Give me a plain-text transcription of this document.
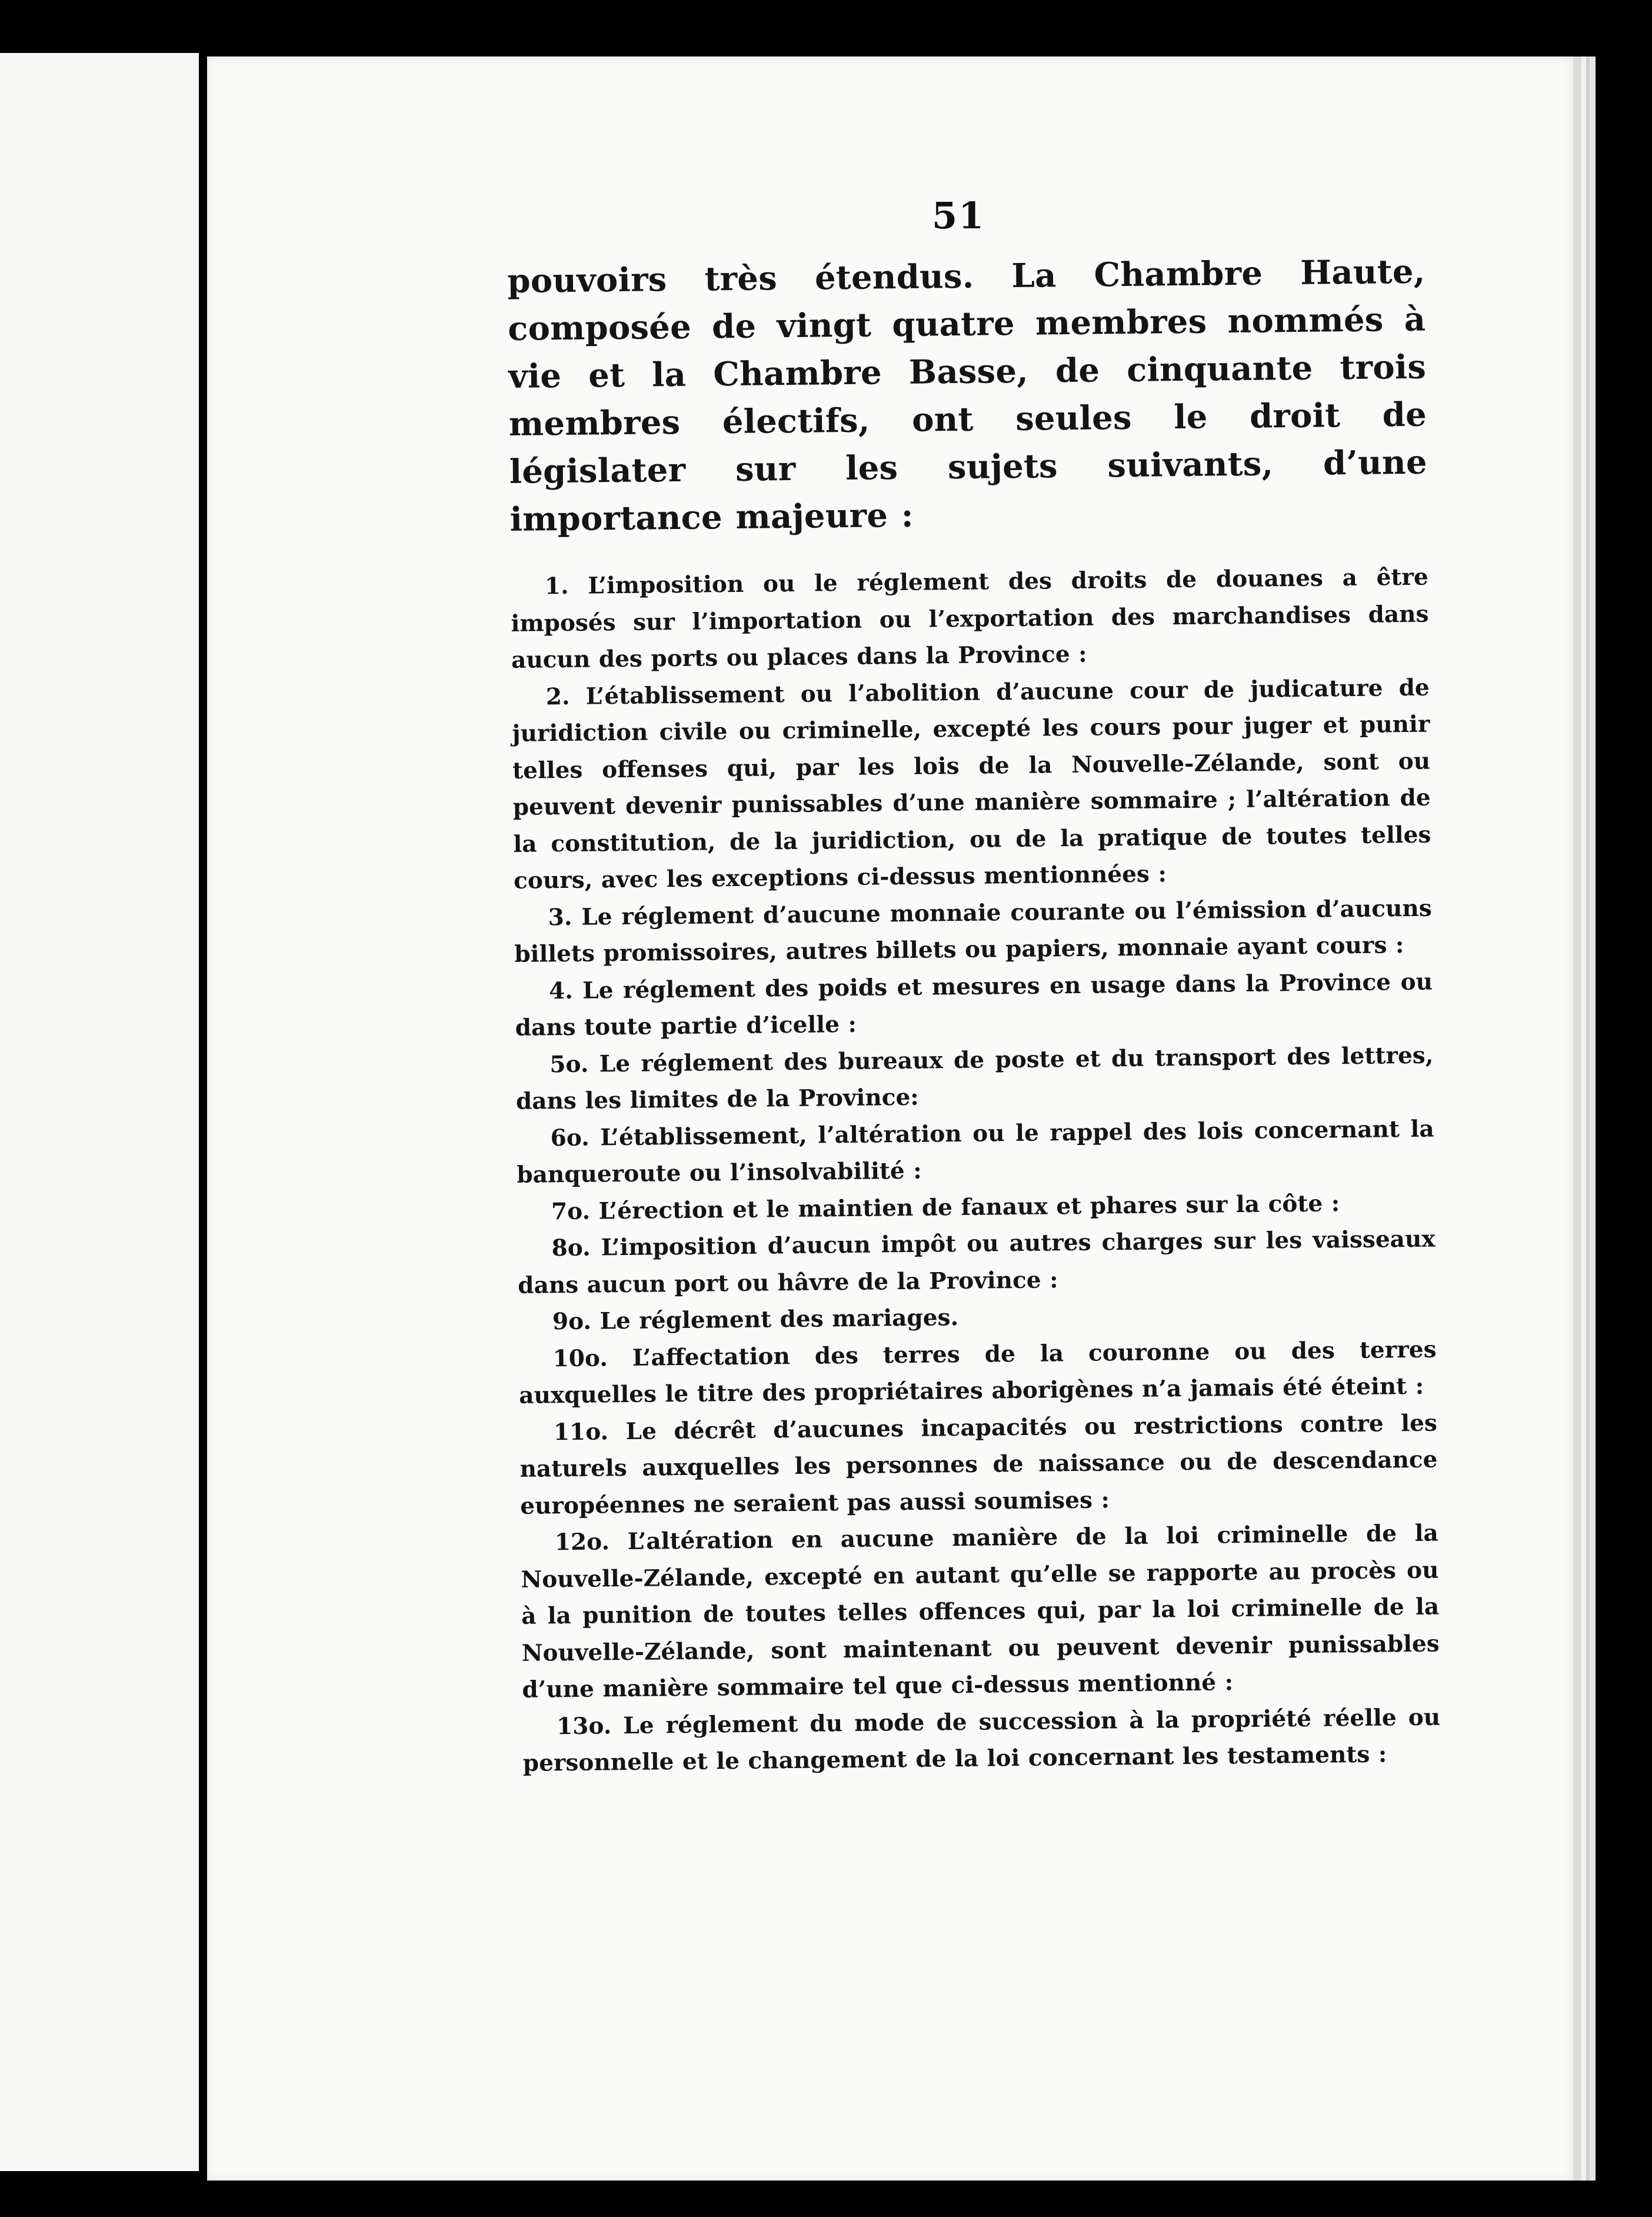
51

pouvoirs très étendus. La Chambre Haute, composée de vingt quatre membres nommés à vie et la Chambre Basse, de cinquante trois membres électifs, ont seules le droit de législater sur les sujets suivants, d’une importance majeure :

1. L’imposition ou le réglement des droits de douanes a être imposés sur l’importation ou l’exportation des marchandises dans aucun des ports ou places dans la Province :

2. L’établissement ou l’abolition d’aucune cour de judicature de juridiction civile ou criminelle, excepté les cours pour juger et punir telles offenses qui, par les lois de la Nouvelle-Zélande, sont ou peuvent devenir punissables d’une manière sommaire ; l’altération de la constitution, de la juridiction, ou de la pratique de toutes telles cours, avec les exceptions ci-dessus mentionnées :

3. Le réglement d’aucune monnaie courante ou l’émission d’aucuns billets promissoires, autres billets ou papiers, monnaie ayant cours :

4. Le réglement des poids et mesures en usage dans la Province ou dans toute partie d’icelle :

5o. Le réglement des bureaux de poste et du transport des lettres, dans les limites de la Province:

6o. L’établissement, l’altération ou le rappel des lois concernant la banqueroute ou l’insolvabilité :

7o. L’érection et le maintien de fanaux et phares sur la côte :

8o. L’imposition d’aucun impôt ou autres charges sur les vaisseaux dans aucun port ou hâvre de la Province :

9o. Le réglement des mariages.

10o. L’affectation des terres de la couronne ou des terres auxquelles le titre des propriétaires aborigènes n’a jamais été éteint :

11o. Le décrêt d’aucunes incapacités ou restrictions contre les naturels auxquelles les personnes de naissance ou de descendance européennes ne seraient pas aussi soumises :

12o. L’altération en aucune manière de la loi criminelle de la Nouvelle-Zélande, excepté en autant qu’elle se rapporte au procès ou à la punition de toutes telles offences qui, par la loi criminelle de la Nouvelle-Zélande, sont maintenant ou peuvent devenir punissables d’une manière sommaire tel que ci-dessus mentionné :

13o. Le réglement du mode de succession à la propriété réelle ou personnelle et le changement de la loi concernant les testaments :
